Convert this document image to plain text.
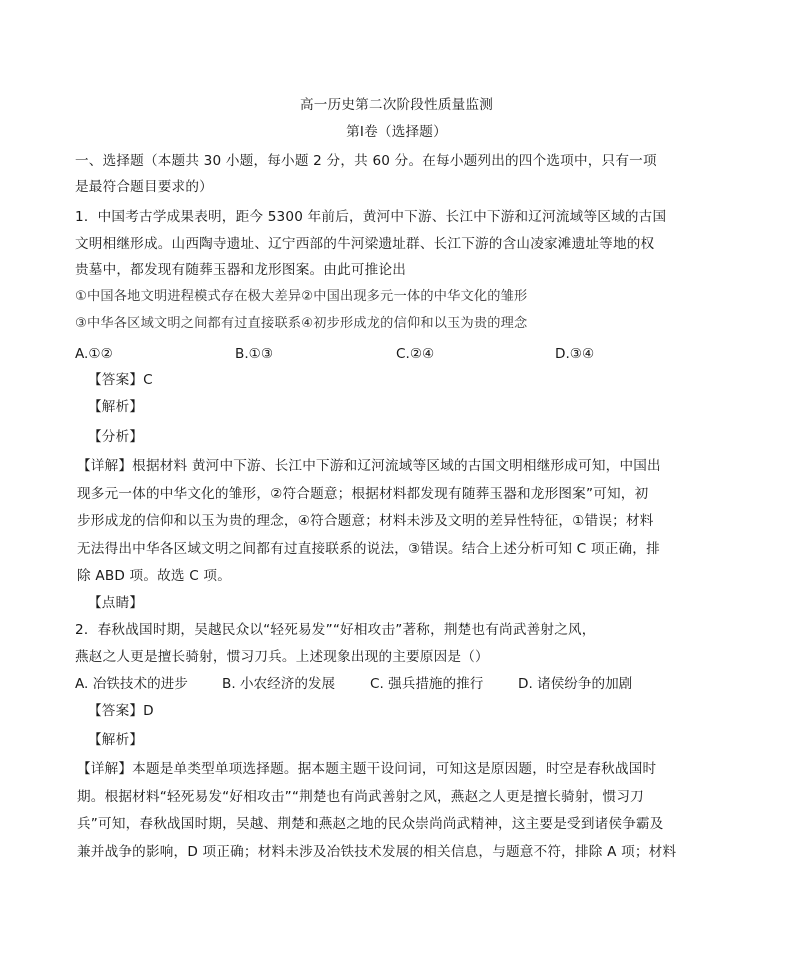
高一历史第二次阶段性质量监测
第Ⅰ卷（选择题）
一、选择题（本题共 30 小题，每小题 2 分，共 60 分。在每小题列出的四个选项中，只有一项
是最符合题目要求的）
1．中国考古学成果表明，距今 5300 年前后，黄河中下游、长江中下游和辽河流域等区域的古国
文明相继形成。山西陶寺遗址、辽宁西部的牛河梁遗址群、长江下游的含山凌家滩遗址等地的权
贵墓中，都发现有随葬玉器和龙形图案。由此可推论出
①中国各地文明进程模式存在极大差异②中国出现多元一体的中华文化的雏形
③中华各区域文明之间都有过直接联系④初步形成龙的信仰和以玉为贵的理念
A.①②	B.①③	C.②④	D.③④
【答案】C
【解析】
【分析】
【详解】根据材料 黄河中下游、长江中下游和辽河流域等区域的古国文明相继形成可知，中国出
现多元一体的中华文化的雏形，②符合题意；根据材料都发现有随葬玉器和龙形图案”可知，初
步形成龙的信仰和以玉为贵的理念，④符合题意；材料未涉及文明的差异性特征，①错误；材料
无法得出中华各区域文明之间都有过直接联系的说法，③错误。结合上述分析可知 C 项正确，排
除 ABD 项。故选 C 项。
【点睛】
2．春秋战国时期，吴越民众以“轻死易发”“好相攻击”著称，荆楚也有尚武善射之风，
燕赵之人更是擅长骑射，惯习刀兵。上述现象出现的主要原因是（）
A. 冶铁技术的进步	B. 小农经济的发展	C. 强兵措施的推行	D. 诸侯纷争的加剧
【答案】D
【解析】
【详解】本题是单类型单项选择题。据本题主题干设问词，可知这是原因题，时空是春秋战国时
期。根据材料“轻死易发“好相攻击”“荆楚也有尚武善射之风，燕赵之人更是擅长骑射，惯习刀
兵”可知，春秋战国时期，吴越、荆楚和燕赵之地的民众崇尚尚武精神，这主要是受到诸侯争霸及
兼并战争的影响，D 项正确；材料未涉及冶铁技术发展的相关信息，与题意不符，排除 A 项；材料
